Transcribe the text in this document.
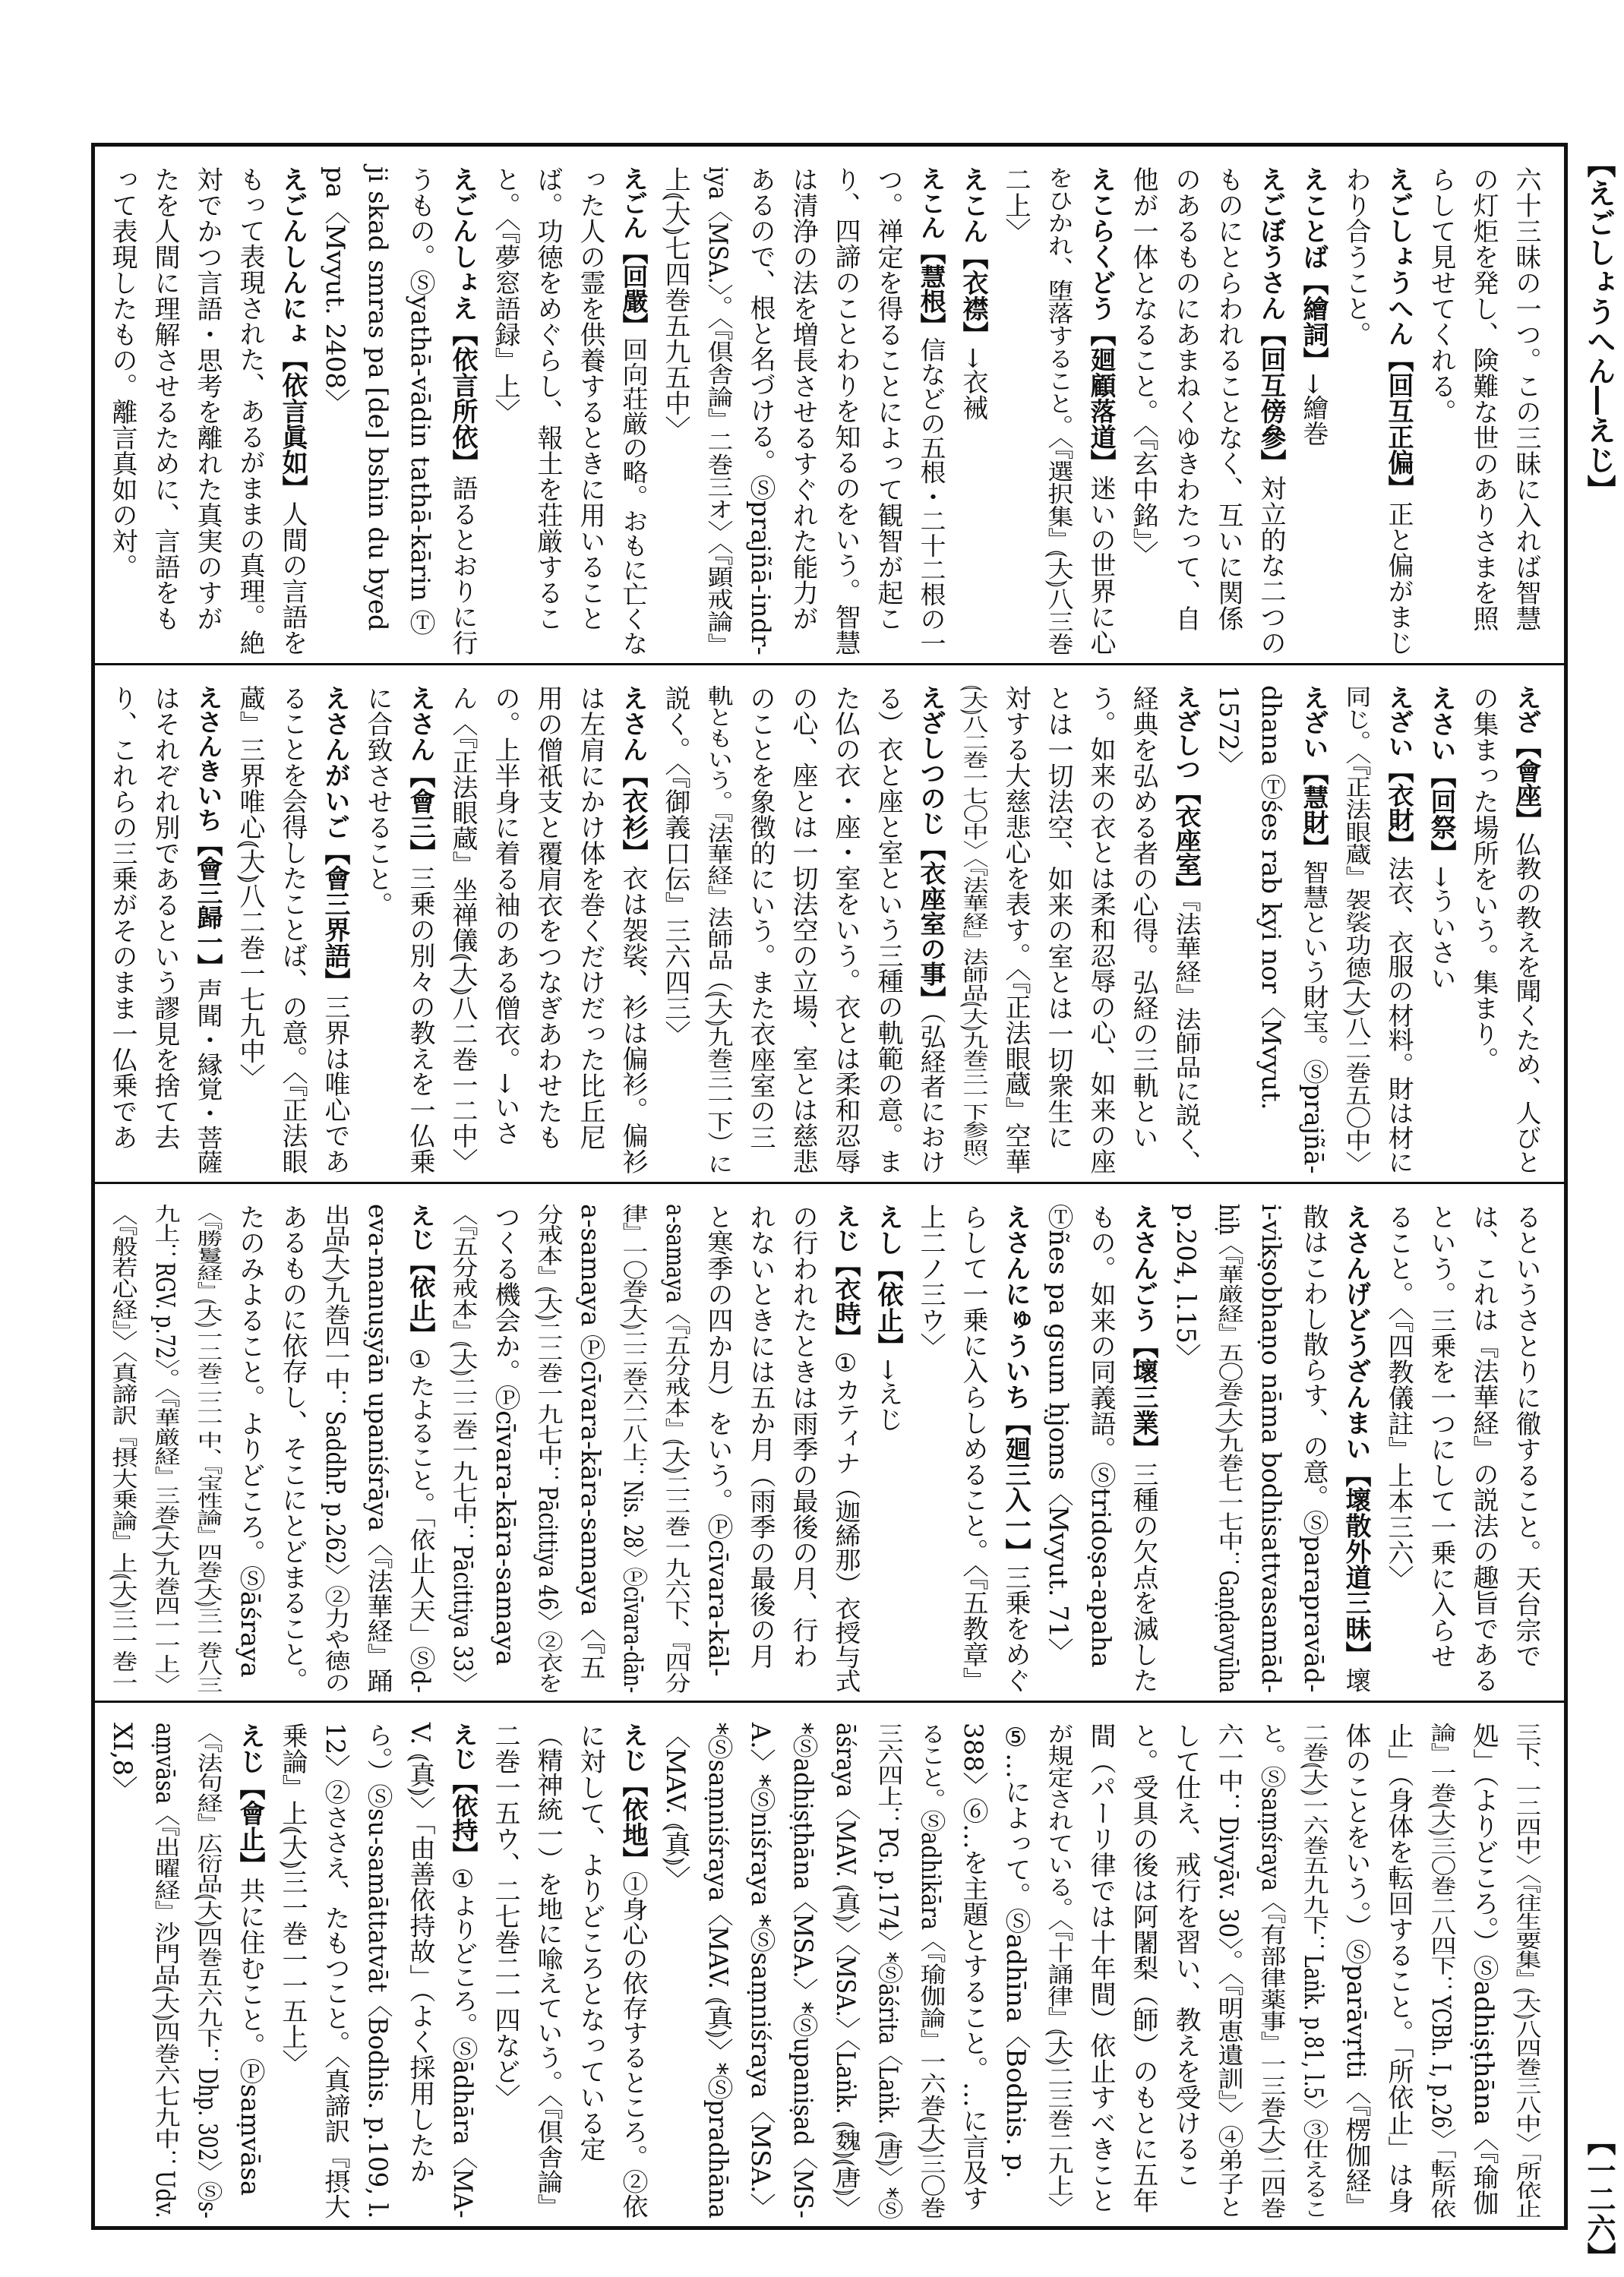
【えごしょうへん―えじ】
【一二六】
六十三昧の一つ。この三昧に入れば智慧
の灯炬を発し、険難な世のありさまを照
らして見せてくれる。
えごしょうへん【回互正偏】正と偏がまじ
わり合うこと。
えことば【繪詞】→繪巻
えごぼうさん【回互傍參】対立的な二つの
ものにとらわれることなく、互いに関係
のあるものにあまねくゆきわたって、自
他が一体となること。〈『玄中銘』〉
えこらくどう【廻顧落道】迷いの世界に心
をひかれ、堕落すること。〈『選択集』⦅大⦆八三巻
二上〉
えこん【衣襟】→衣裓
えこん【慧根】信などの五根・二十二根の一
つ。禅定を得ることによって観智が起こ
り、四諦のことわりを知るのをいう。智慧
は清浄の法を増長させるすぐれた能力が
あるので、根と名づける。Ⓢprajñā-indr-
iya〈MSA.〉。〈『倶舎論』二巻三オ〉〈『顕戒論』
上⦅大⦆七四巻五九五中〉
えごん【回嚴】回向荘厳の略。おもに亡くな
った人の霊を供養するときに用いること
ば。功徳をめぐらし、報土を荘厳するこ
と。〈『夢窓語録』上〉
えごんしょえ【依言所依】語るとおりに行
うもの。Ⓢyathā-vādin tathā-kārin Ⓣ
ji skad smras pa [de] bshin du byed
pa〈Mvyut. 2408〉
えごんしんにょ【依言眞如】人間の言語を
もって表現された、あるがままの真理。絶
対でかつ言語・思考を離れた真実のすが
たを人間に理解させるために、言語をも
って表現したもの。離言真如の対。
えざ【會座】仏教の教えを聞くため、人びと
の集まった場所をいう。集まり。
えさい【回祭】→ういさい
えざい【衣財】法衣、衣服の材料。財は材に
同じ。〈『正法眼蔵』袈裟功徳⦅大⦆八二巻五〇中〉
えざい【慧財】智慧という財宝。Ⓢprajñā-
dhana Ⓣśes rab kyi nor〈Mvyut.
1572〉
えざしつ【衣座室】『法華経』法師品に説く、
経典を弘める者の心得。弘経の三軌とい
う。如来の衣とは柔和忍辱の心、如来の座
とは一切法空、如来の室とは一切衆生に
対する大慈悲心を表す。〈『正法眼蔵』空華
⦅大⦆八二巻一七〇中〉〈『法華経』法師品⦅大⦆九巻三一下参照〉
えざしつのじ【衣座室の事】（弘経者におけ
る）衣と座と室という三種の軌範の意。ま
た仏の衣・座・室をいう。衣とは柔和忍辱
の心、座とは一切法空の立場、室とは慈悲
のことを象徴的にいう。また衣座室の三
軌ともいう。『法華経』法師品（⦅大⦆九巻三一下）に
説く。〈『御義口伝』三六四三〉
えさん【衣衫】衣は袈裟、衫は偏衫。偏衫
は左肩にかけ体を巻くだけだった比丘尼
用の僧祇支と覆肩衣をつなぎあわせたも
の。上半身に着る袖のある僧衣。→いさ
ん〈『正法眼蔵』坐禅儀⦅大⦆八二巻一二中〉
えさん【會三】三乗の別々の教えを一仏乗
に合致させること。
えさんがいご【會三界語】三界は唯心であ
ることを会得したことば、の意。〈『正法眼
蔵』三界唯心⦅大⦆八二巻一七九中〉
えさんきいち【會三歸一】声聞・縁覚・菩薩
はそれぞれ別であるという謬見を捨て去
り、これらの三乗がそのまま一仏乗であ
るというさとりに徹すること。天台宗で
は、これは『法華経』の説法の趣旨である
という。三乗を一つにして一乗に入らせ
ること。〈『四教儀註』上本三六〉
えさんげどうざんまい【壞散外道三昧】壞
散はこわし散らす、の意。Ⓢparapravād-
i-vikṣobhaṇo nāma bodhisattvasamād-
hiḥ〈『華厳経』五〇巻⦅大⦆九巻七一七中：Gaṇḍavyūha
p.204, l.15〉
えさんごう【壞三業】三種の欠点を滅した
もの。如来の同義語。Ⓢtridoṣa-apaha
Ⓣñes pa gsum ḥjoms〈Mvyut. 71〉
えさんにゅういち【廻三入一】三乗をめぐ
らして一乗に入らしめること。〈『五教章』
上二ノ三ウ〉
えし【依止】→えじ
えじ【衣時】①カティナ（迦絺那）衣授与式
の行われたときは雨季の最後の月、行わ
れないときには五か月（雨季の最後の月
と寒季の四か月）をいう。Ⓟcīvara-kāl-
a-samaya〈『五分戒本』⦅大⦆二二巻一九六下、『四分
律』一〇巻⦅大⦆二二巻六二八上：Nis. 28〉Ⓟcīvara-dān-
a-samaya Ⓟcīvara-kāra-samaya〈『五
分戒本』⦅大⦆二二巻一九七中：Pācittiya 46〉②衣を
つくる機会か。Ⓟcīvara-kāra-samaya
〈『五分戒本』⦅大⦆二二巻一九七中：Pācittiya 33〉
えじ【依止】①たよること。「依止人天」Ⓢd-
eva-manuṣyān upaniśrāya〈『法華経』踊
出品⦅大⦆九巻四一中：SaddhP. p.262〉②力や徳の
あるものに依存し、そこにとどまること。
たのみよること。よりどころ。Ⓢāśraya
〈『勝鬘経』⦅大⦆一二巻二二一中、『宝性論』四巻⦅大⦆三一巻八三
九上：RGV. p.72〉。〈『華厳経』三巻⦅大⦆九巻四一一上〉
〈『般若心経』〉〈真諦訳『摂大乗論』上⦅大⦆三一巻一
三下、一二四中〉〈『往生要集』⦅大⦆八四巻三八中〉「所依止
処」（よりどころ。）Ⓢadhiṣṭhāna〈『瑜伽
論』一巻⦅大⦆三〇巻二八四下：YCBh. I, p.26〉「転所依
止」（身体を転回すること。「所依止」は身
体のことをいう。）Ⓢparāvṛtti〈『楞伽経』
二巻⦅大⦆一六巻五九九下：Laṅk. p.81, l.5〉③仕えるこ
と。Ⓢsaṃśraya〈『有部律薬事』一三巻⦅大⦆二四巻
六一中：Divyāv. 30〉。〈『明恵遺訓』〉④弟子と
して仕え、戒行を習い、教えを受けるこ
と。受具の後は阿闍梨（師）のもとに五年
間（パーリ律では十年間）依止すべきこと
が規定されている。〈『十誦律』⦅大⦆二三巻二九上〉
⑤…によって。Ⓢadhīna〈Bodhis. p.
388〉⑥…を主題とすること。…に言及す
ること。Ⓢadhikāra〈『瑜伽論』一六巻⦅大⦆三〇巻
三六四上：PG. p.174〉*Ⓢāśrita〈Laṅk. ⦅唐⦆〉*Ⓢ
āśraya〈MAV. ⦅真⦆〉〈MSA.〉〈Laṅk. ⦅魏⦆⦅唐⦆〉
*Ⓢadhiṣṭhāna〈MSA.〉*Ⓢupaniṣad〈MS-
A.〉*Ⓢniśraya *Ⓢsaṃniśraya〈MSA.〉
*Ⓢsaṃniśraya〈MAV. ⦅真⦆〉*Ⓢpradhāna
〈MAV. ⦅真⦆〉
えじ【依地】①身心の依存するところ。②依
に対して、よりどころとなっている定
（精神統一）を地に喩えていう。〈『倶舎論』
二巻一五ウ、二七巻二一四など〉
えじ【依持】①よりどころ。Ⓢādhāra〈MA-
V. ⦅真⦆〉「由善依持故」（よく採用したか
ら。）Ⓢsu-samāttatvāt〈Bodhis. p.109, l.
12〉②ささえ、たもつこと。〈真諦訳『摂大
乗論』上⦅大⦆三一巻一一五上〉
えじ【會止】共に住むこと。Ⓟsaṃvāsa
〈『法句経』広衍品⦅大⦆四巻五六九下：Dhp. 302〉Ⓢs-
aṃvāsa〈『出曜経』沙門品⦅大⦆四巻六七九中：Udv.
XI,8〉
